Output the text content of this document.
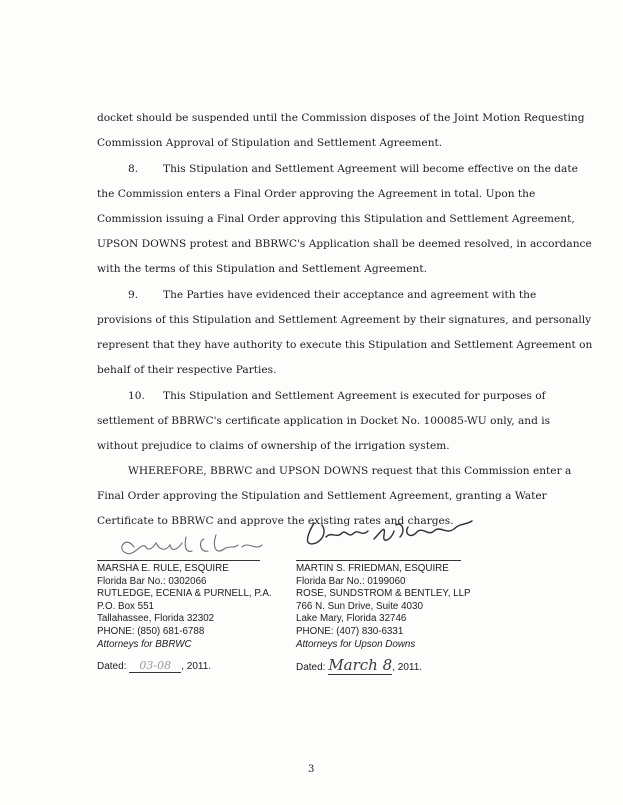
docket should be suspended until the Commission disposes of the Joint Motion Requesting
Commission Approval of Stipulation and Settlement Agreement.
8. This Stipulation and Settlement Agreement will become effective on the date
the Commission enters a Final Order approving the Agreement in total. Upon the
Commission issuing a Final Order approving this Stipulation and Settlement Agreement,
UPSON DOWNS protest and BBRWC's Application shall be deemed resolved, in accordance
with the terms of this Stipulation and Settlement Agreement.
9. The Parties have evidenced their acceptance and agreement with the
provisions of this Stipulation and Settlement Agreement by their signatures, and personally
represent that they have authority to execute this Stipulation and Settlement Agreement on
behalf of their respective Parties.
10. This Stipulation and Settlement Agreement is executed for purposes of
settlement of BBRWC's certificate application in Docket No. 100085-WU only, and is
without prejudice to claims of ownership of the irrigation system.
WHEREFORE, BBRWC and UPSON DOWNS request that this Commission enter a
Final Order approving the Stipulation and Settlement Agreement, granting a Water
Certificate to BBRWC and approve the existing rates and charges.
MARSHA E. RULE, ESQUIRE
Florida Bar No.: 0302066
RUTLEDGE, ECENIA & PURNELL, P.A.
P.O. Box 551
Tallahassee, Florida 32302
PHONE: (850) 681-6788
Attorneys for BBRWC
Dated: 03-08 , 2011.
MARTIN S. FRIEDMAN, ESQUIRE
Florida Bar No.: 0199060
ROSE, SUNDSTROM & BENTLEY, LLP
766 N. Sun Drive, Suite 4030
Lake Mary, Florida 32746
PHONE: (407) 830-6331
Attorneys for Upson Downs
Dated: March 8, 2011.
3
